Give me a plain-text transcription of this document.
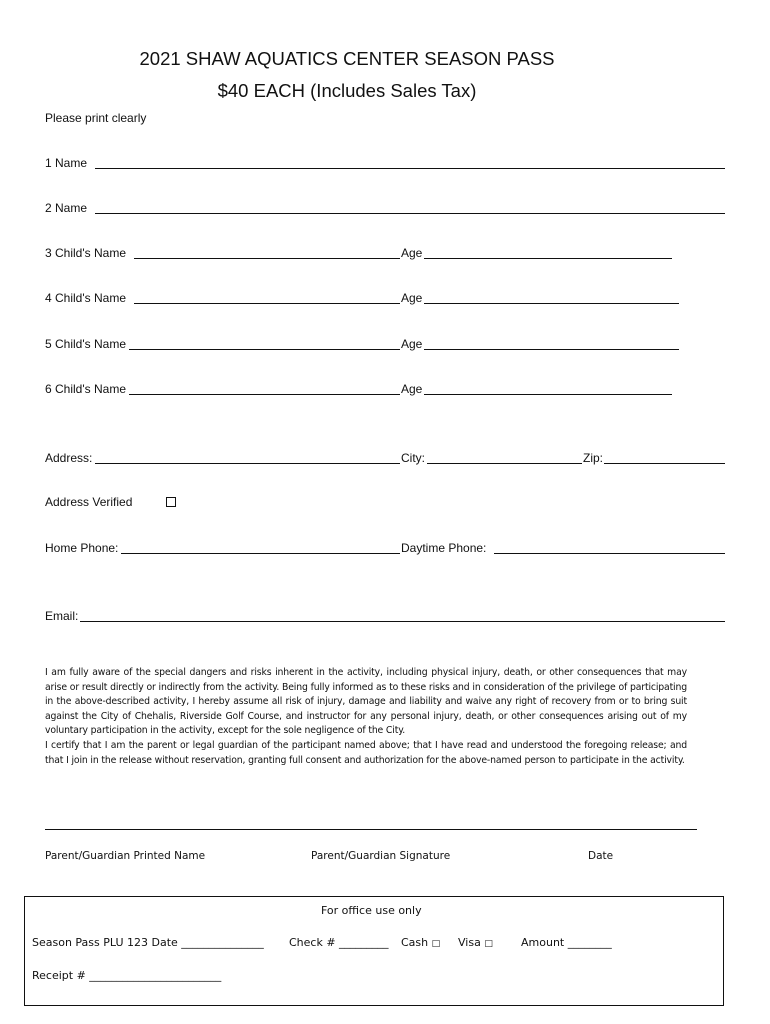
2021 SHAW AQUATICS CENTER SEASON PASS
$40 EACH (Includes Sales Tax)
Please print clearly
1 Name
2 Name
3 Child's Name	Age
4 Child's Name	Age
5 Child's Name	Age
6 Child's Name	Age
Address:	City:	Zip:
Address Verified
Home Phone:	Daytime Phone:
Email:

I am fully aware of the special dangers and risks inherent in the activity, including physical injury, death, or other consequences that may arise or result directly or indirectly from the activity. Being fully informed as to these risks and in consideration of the privilege of participating in the above-described activity, I hereby assume all risk of injury, damage and liability and waive any right of recovery from or to bring suit against the City of Chehalis, Riverside Golf Course, and instructor for any personal injury, death, or other consequences arising out of my voluntary participation in the activity, except for the sole negligence of the City.

I certify that I am the parent or legal guardian of the participant named above; that I have read and understood the foregoing release; and that I join in the release without reservation, granting full consent and authorization for the above-named person to participate in the activity.

Parent/Guardian Printed Name	Parent/Guardian Signature	Date
For office use only
Season Pass PLU 123 Date _______________ Check # _________ Cash □ Visa □	Amount ________
Receipt # ________________________
